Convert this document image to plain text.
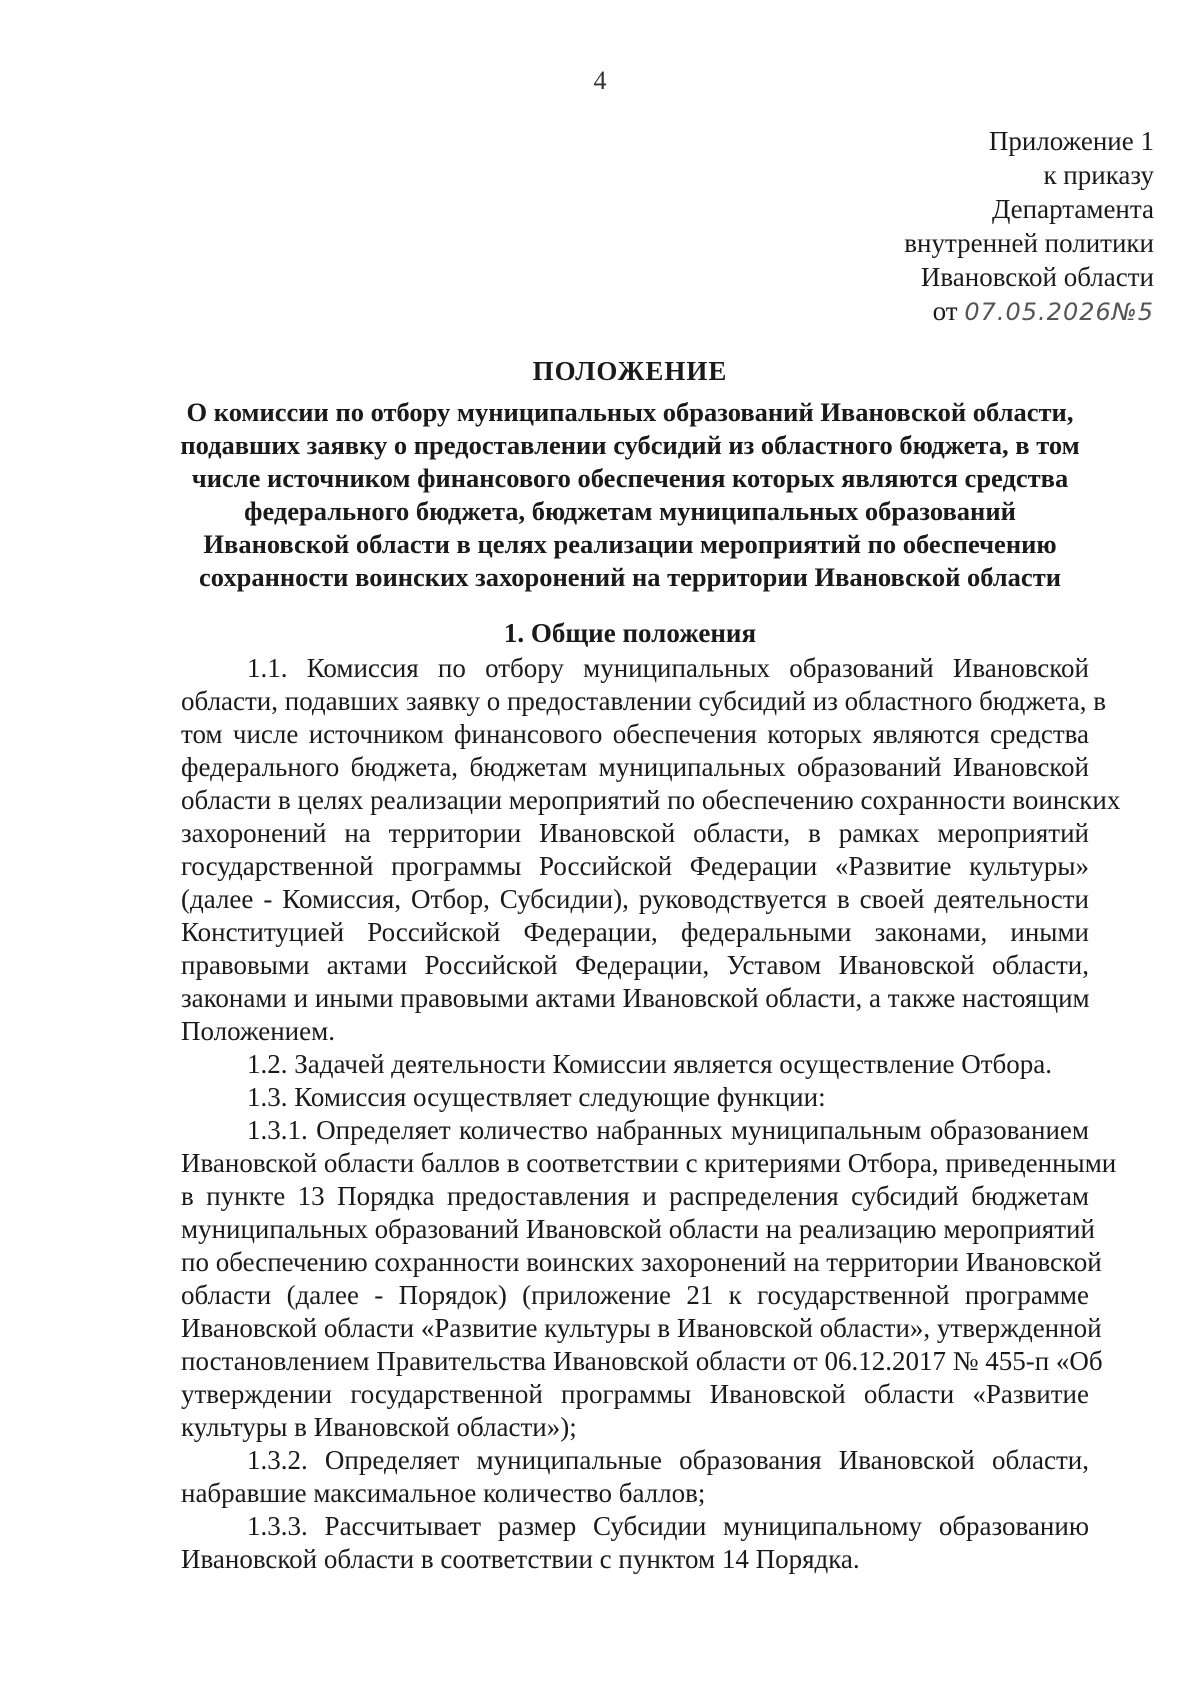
4
Приложение 1
к приказу
Департамента
внутренней политики
Ивановской области
от 07.05.2026№5
ПОЛОЖЕНИЕ
О комиссии по отбору муниципальных образований Ивановской области,
подавших заявку о предоставлении субсидий из областного бюджета, в том
числе источником финансового обеспечения которых являются средства
федерального бюджета, бюджетам муниципальных образований
Ивановской области в целях реализации мероприятий по обеспечению
сохранности воинских захоронений на территории Ивановской области
1. Общие положения
1.1. Комиссия по отбору муниципальных образований Ивановской
области, подавших заявку о предоставлении субсидий из областного бюджета, в
том числе источником финансового обеспечения которых являются средства
федерального бюджета, бюджетам муниципальных образований Ивановской
области в целях реализации мероприятий по обеспечению сохранности воинских
захоронений на территории Ивановской области, в рамках мероприятий
государственной программы Российской Федерации «Развитие культуры»
(далее - Комиссия, Отбор, Субсидии), руководствуется в своей деятельности
Конституцией Российской Федерации, федеральными законами, иными
правовыми актами Российской Федерации, Уставом Ивановской области,
законами и иными правовыми актами Ивановской области, а также настоящим
Положением.
1.2. Задачей деятельности Комиссии является осуществление Отбора.
1.3. Комиссия осуществляет следующие функции:
1.3.1. Определяет количество набранных муниципальным образованием
Ивановской области баллов в соответствии с критериями Отбора, приведенными
в пункте 13 Порядка предоставления и распределения субсидий бюджетам
муниципальных образований Ивановской области на реализацию мероприятий
по обеспечению сохранности воинских захоронений на территории Ивановской
области (далее - Порядок) (приложение 21 к государственной программе
Ивановской области «Развитие культуры в Ивановской области», утвержденной
постановлением Правительства Ивановской области от 06.12.2017 № 455-п «Об
утверждении государственной программы Ивановской области «Развитие
культуры в Ивановской области»);
1.3.2. Определяет муниципальные образования Ивановской области,
набравшие максимальное количество баллов;
1.3.3. Рассчитывает размер Субсидии муниципальному образованию
Ивановской области в соответствии с пунктом 14 Порядка.
